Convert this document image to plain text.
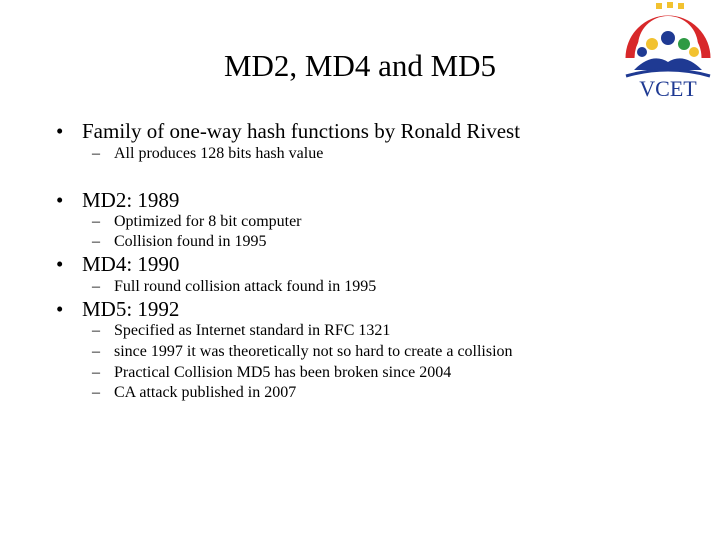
MD2, MD4 and MD5
VCET
• Family of one-way hash functions by Ronald Rivest
– All produces 128 bits hash value
• MD2: 1989
– Optimized for 8 bit computer
– Collision found in 1995
• MD4: 1990
– Full round collision attack found in 1995
• MD5: 1992
– Specified as Internet standard in RFC 1321
– since 1997 it was theoretically not so hard to create a collision
– Practical Collision MD5 has been broken since 2004
– CA attack published in 2007
